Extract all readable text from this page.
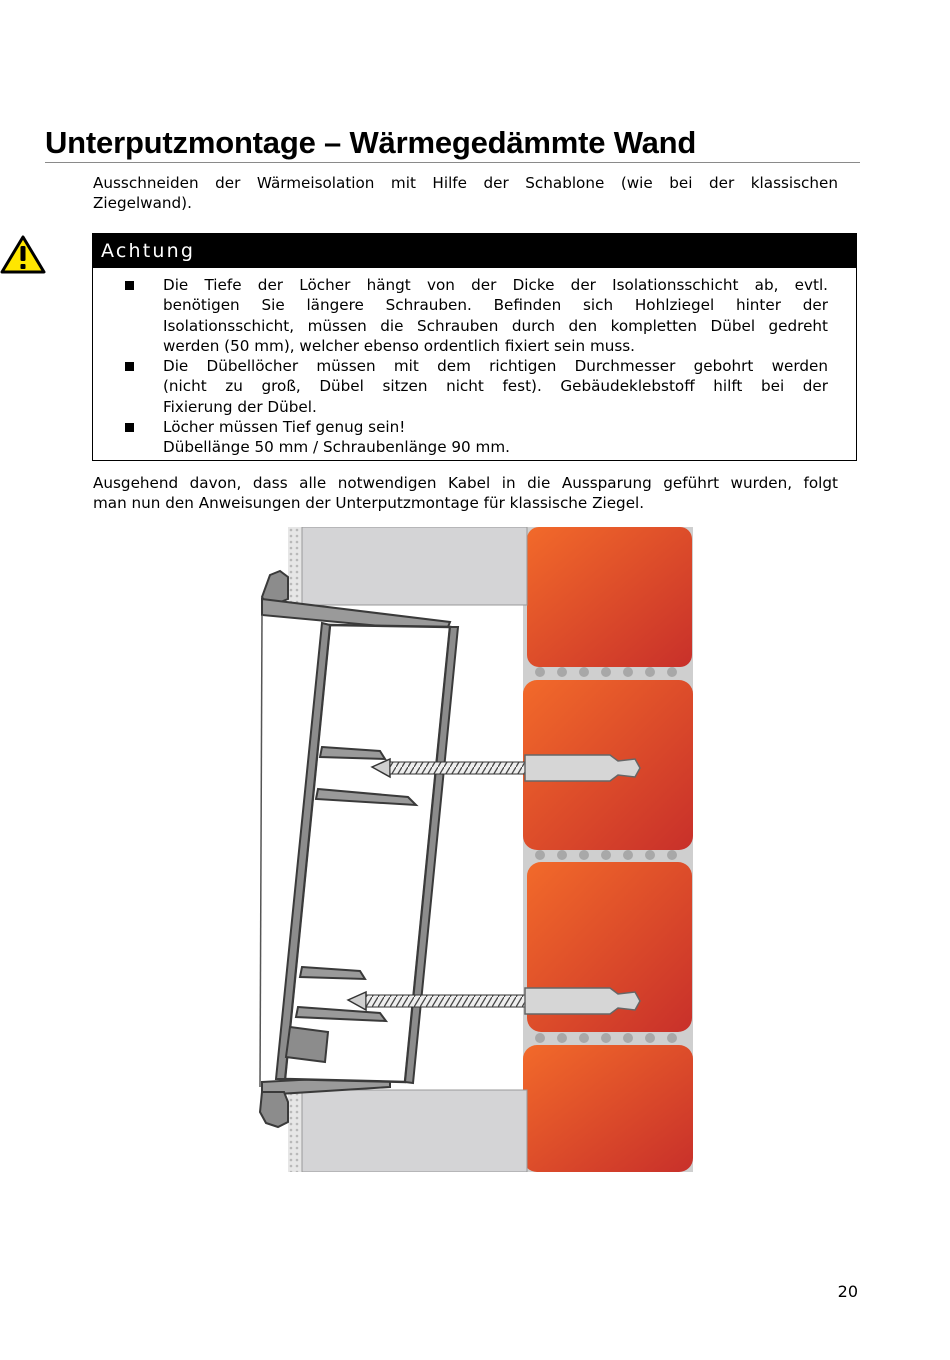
Unterputzmontage – Wärmegedämmte Wand
Ausschneiden der Wärmeisolation mit Hilfe der Schablone (wie bei der klassischen
Ziegelwand).
Achtung
Die Tiefe der Löcher hängt von der Dicke der Isolationsschicht ab, evtl.
benötigen Sie längere Schrauben. Befinden sich Hohlziegel hinter der
Isolationsschicht, müssen die Schrauben durch den kompletten Dübel gedreht
werden (50 mm), welcher ebenso ordentlich fixiert sein muss.
Die Dübellöcher müssen mit dem richtigen Durchmesser gebohrt werden
(nicht zu groß, Dübel sitzen nicht fest). Gebäudeklebstoff hilft bei der
Fixierung der Dübel.
Löcher müssen Tief genug sein!
Dübellänge 50 mm / Schraubenlänge 90 mm.
Ausgehend davon, dass alle notwendigen Kabel in die Aussparung geführt wurden, folgt
man nun den Anweisungen der Unterputzmontage für klassische Ziegel.
20
